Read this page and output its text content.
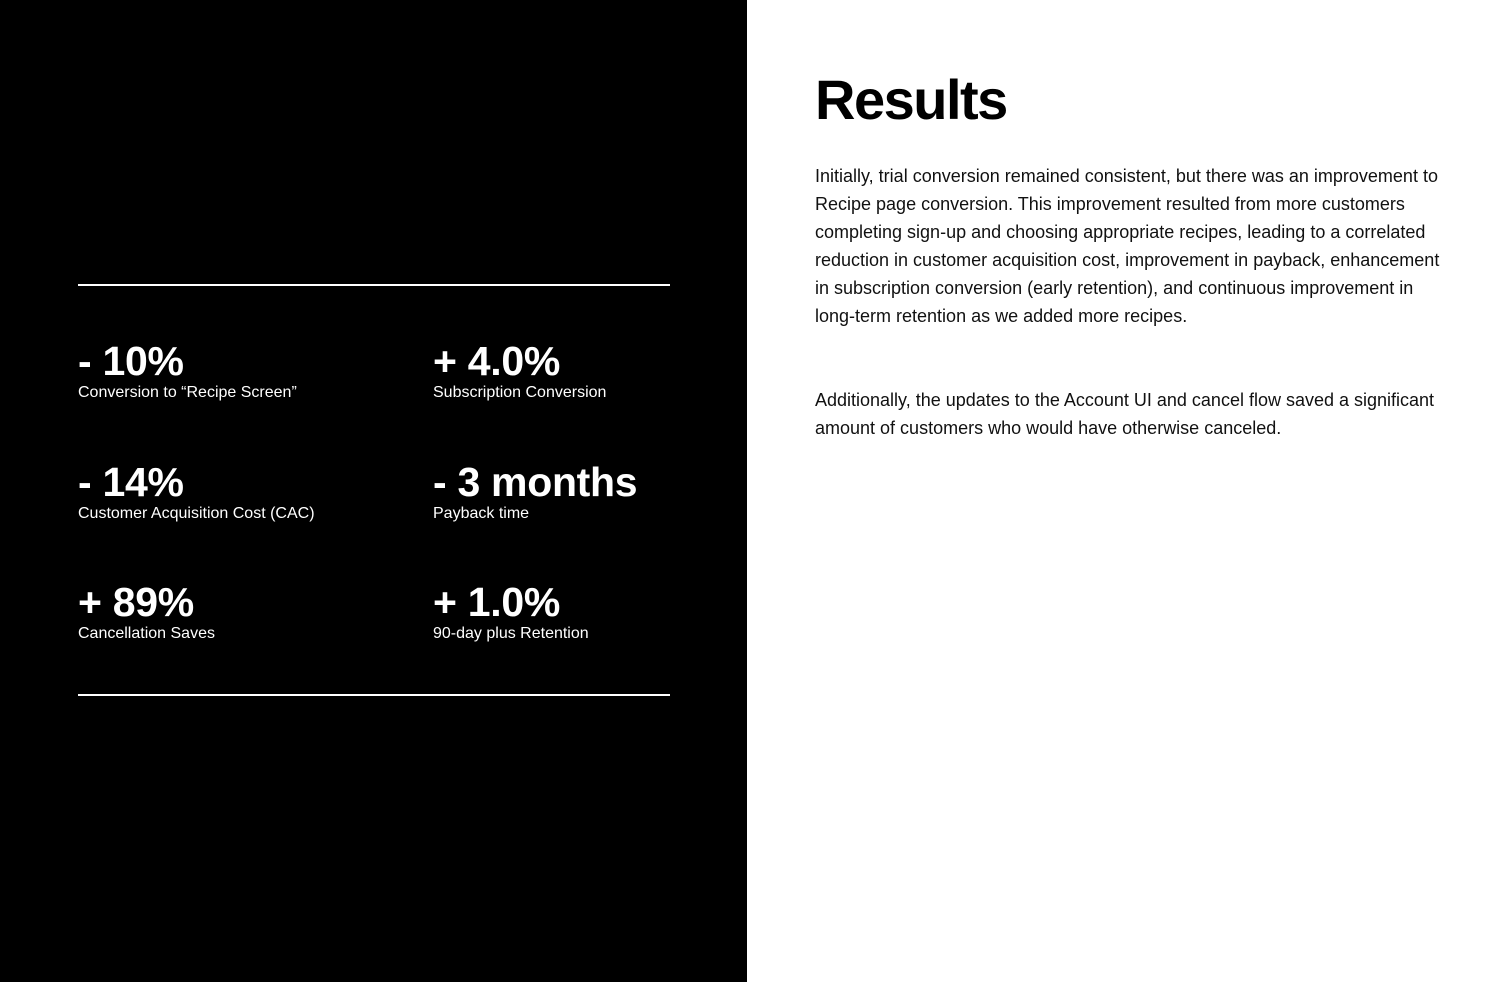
- 10%
Conversion to “Recipe Screen”
+ 4.0%
Subscription Conversion
- 14%
Customer Acquisition Cost (CAC)
- 3 months
Payback time
+ 89%
Cancellation Saves
+ 1.0%
90-day plus Retention
Results

Initially, trial conversion remained consistent, but there was an improvement to Recipe page conversion. This improvement resulted from more customers completing sign-up and choosing appropriate recipes, leading to a correlated reduction in customer acquisition cost, improvement in payback, enhancement in subscription conversion (early retention), and continuous improvement in long-term retention as we added more recipes.

Additionally, the updates to the Account UI and cancel flow saved a significant amount of customers who would have otherwise canceled.
